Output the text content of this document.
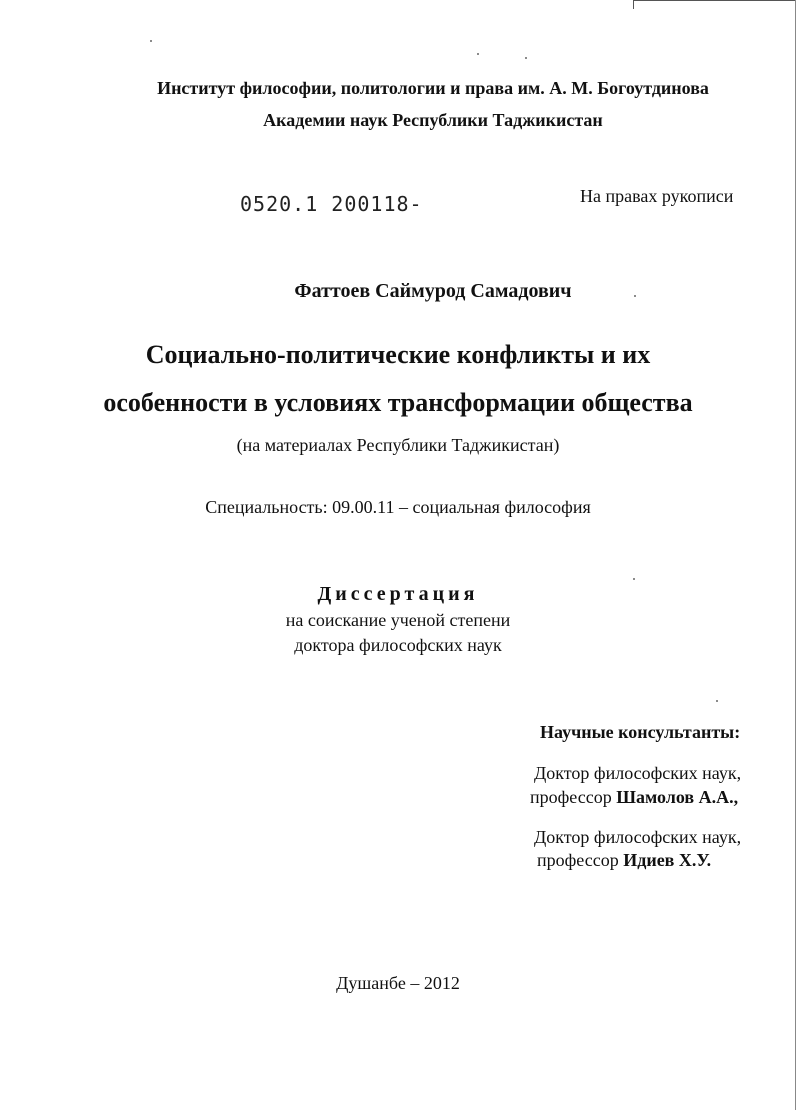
Институт философии, политологии и права им. А. М. Богоутдинова
Академии наук Республики Таджикистан
0520.1 200118-	На правах рукописи
Фаттоев Саймурод Самадович
Социально-политические конфликты и их
особенности в условиях трансформации общества
(на материалах Республики Таджикистан)
Специальность: 09.00.11 – социальная философия
Диссертация
на соискание ученой степени
доктора философских наук
Научные консультанты:
Доктор философских наук,
профессор Шамолов А.А.,
Доктор философских наук,
профессор Идиев Х.У.
Душанбе – 2012
